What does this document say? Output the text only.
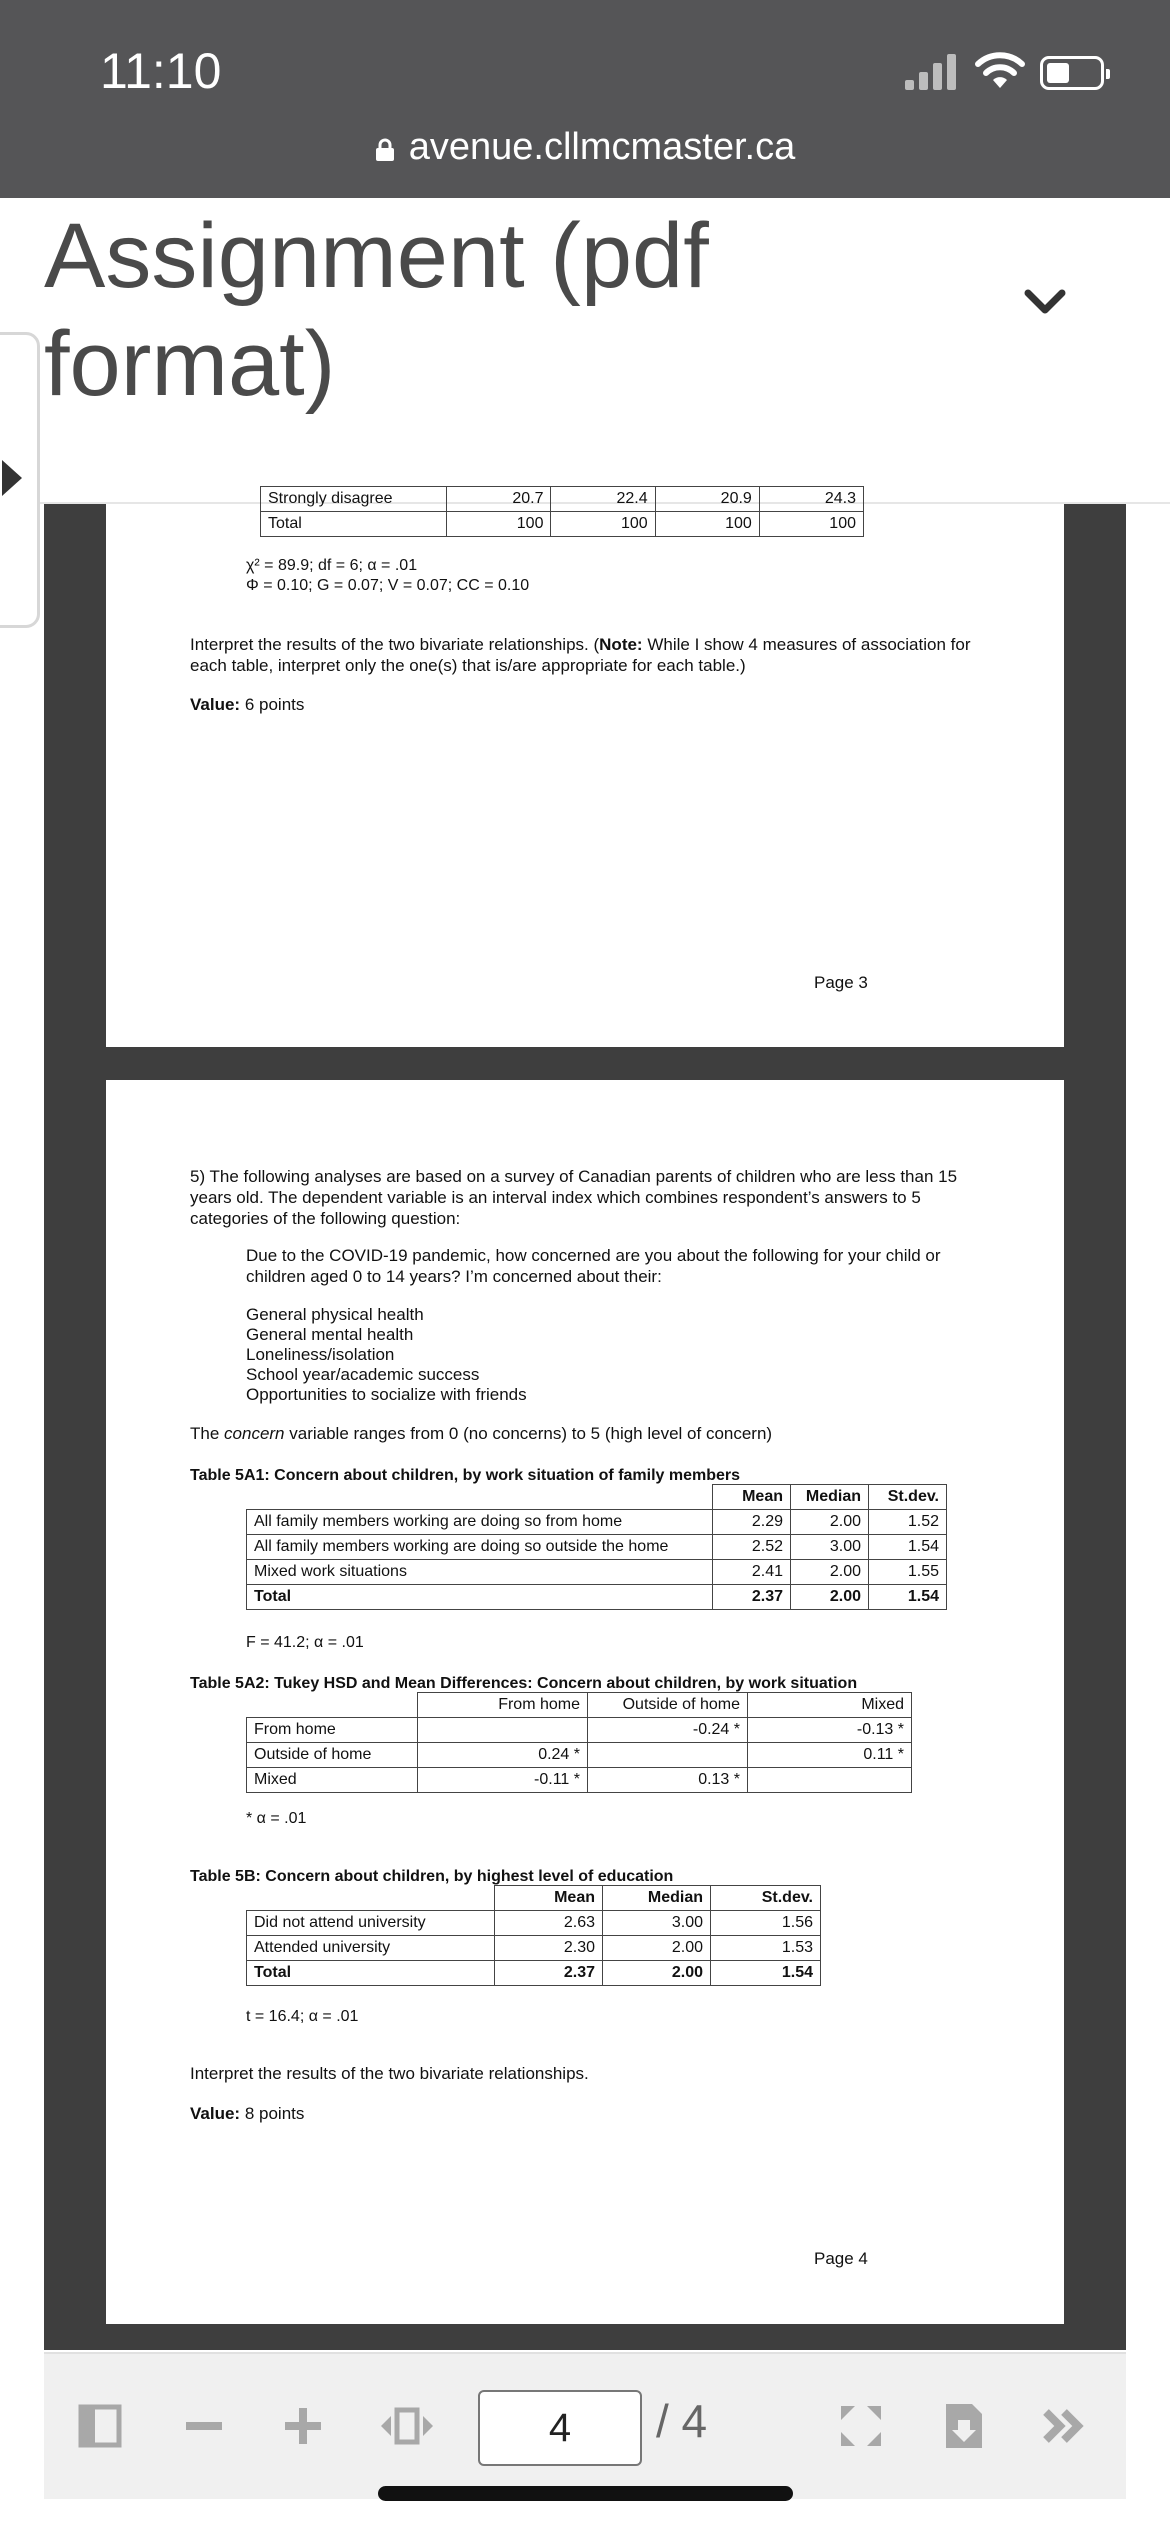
11:10
avenue.cllmcmaster.ca
Assignment (pdf format)
Strongly disagree	20.7	22.4	20.9	24.3
Total	100	100	100	100
χ² = 89.9; df = 6; α = .01
Φ = 0.10; G = 0.07; V = 0.07; CC = 0.10
Interpret the results of the two bivariate relationships. (Note: While I show 4 measures of association for each table, interpret only the one(s) that is/are appropriate for each table.)
Value: 6 points
Page 3
5) The following analyses are based on a survey of Canadian parents of children who are less than 15 years old. The dependent variable is an interval index which combines respondent’s answers to 5 categories of the following question:
Due to the COVID-19 pandemic, how concerned are you about the following for your child or children aged 0 to 14 years? I’m concerned about their:
General physical health
General mental health
Loneliness/isolation
School year/academic success
Opportunities to socialize with friends
The concern variable ranges from 0 (no concerns) to 5 (high level of concern)
Table 5A1: Concern about children, by work situation of family members
	Mean	Median	St.dev.
All family members working are doing so from home	2.29	2.00	1.52
All family members working are doing so outside the home	2.52	3.00	1.54
Mixed work situations	2.41	2.00	1.55
Total	2.37	2.00	1.54
F = 41.2; α = .01
Table 5A2: Tukey HSD and Mean Differences: Concern about children, by work situation
	From home	Outside of home	Mixed
From home		-0.24 *	-0.13 *
Outside of home	0.24 *		0.11 *
Mixed	-0.11 *	0.13 *	
* α = .01
Table 5B: Concern about children, by highest level of education
	Mean	Median	St.dev.
Did not attend university	2.63	3.00	1.56
Attended university	2.30	2.00	1.53
Total	2.37	2.00	1.54
t = 16.4; α = .01
Interpret the results of the two bivariate relationships.
Value: 8 points
Page 4
4	/ 4
